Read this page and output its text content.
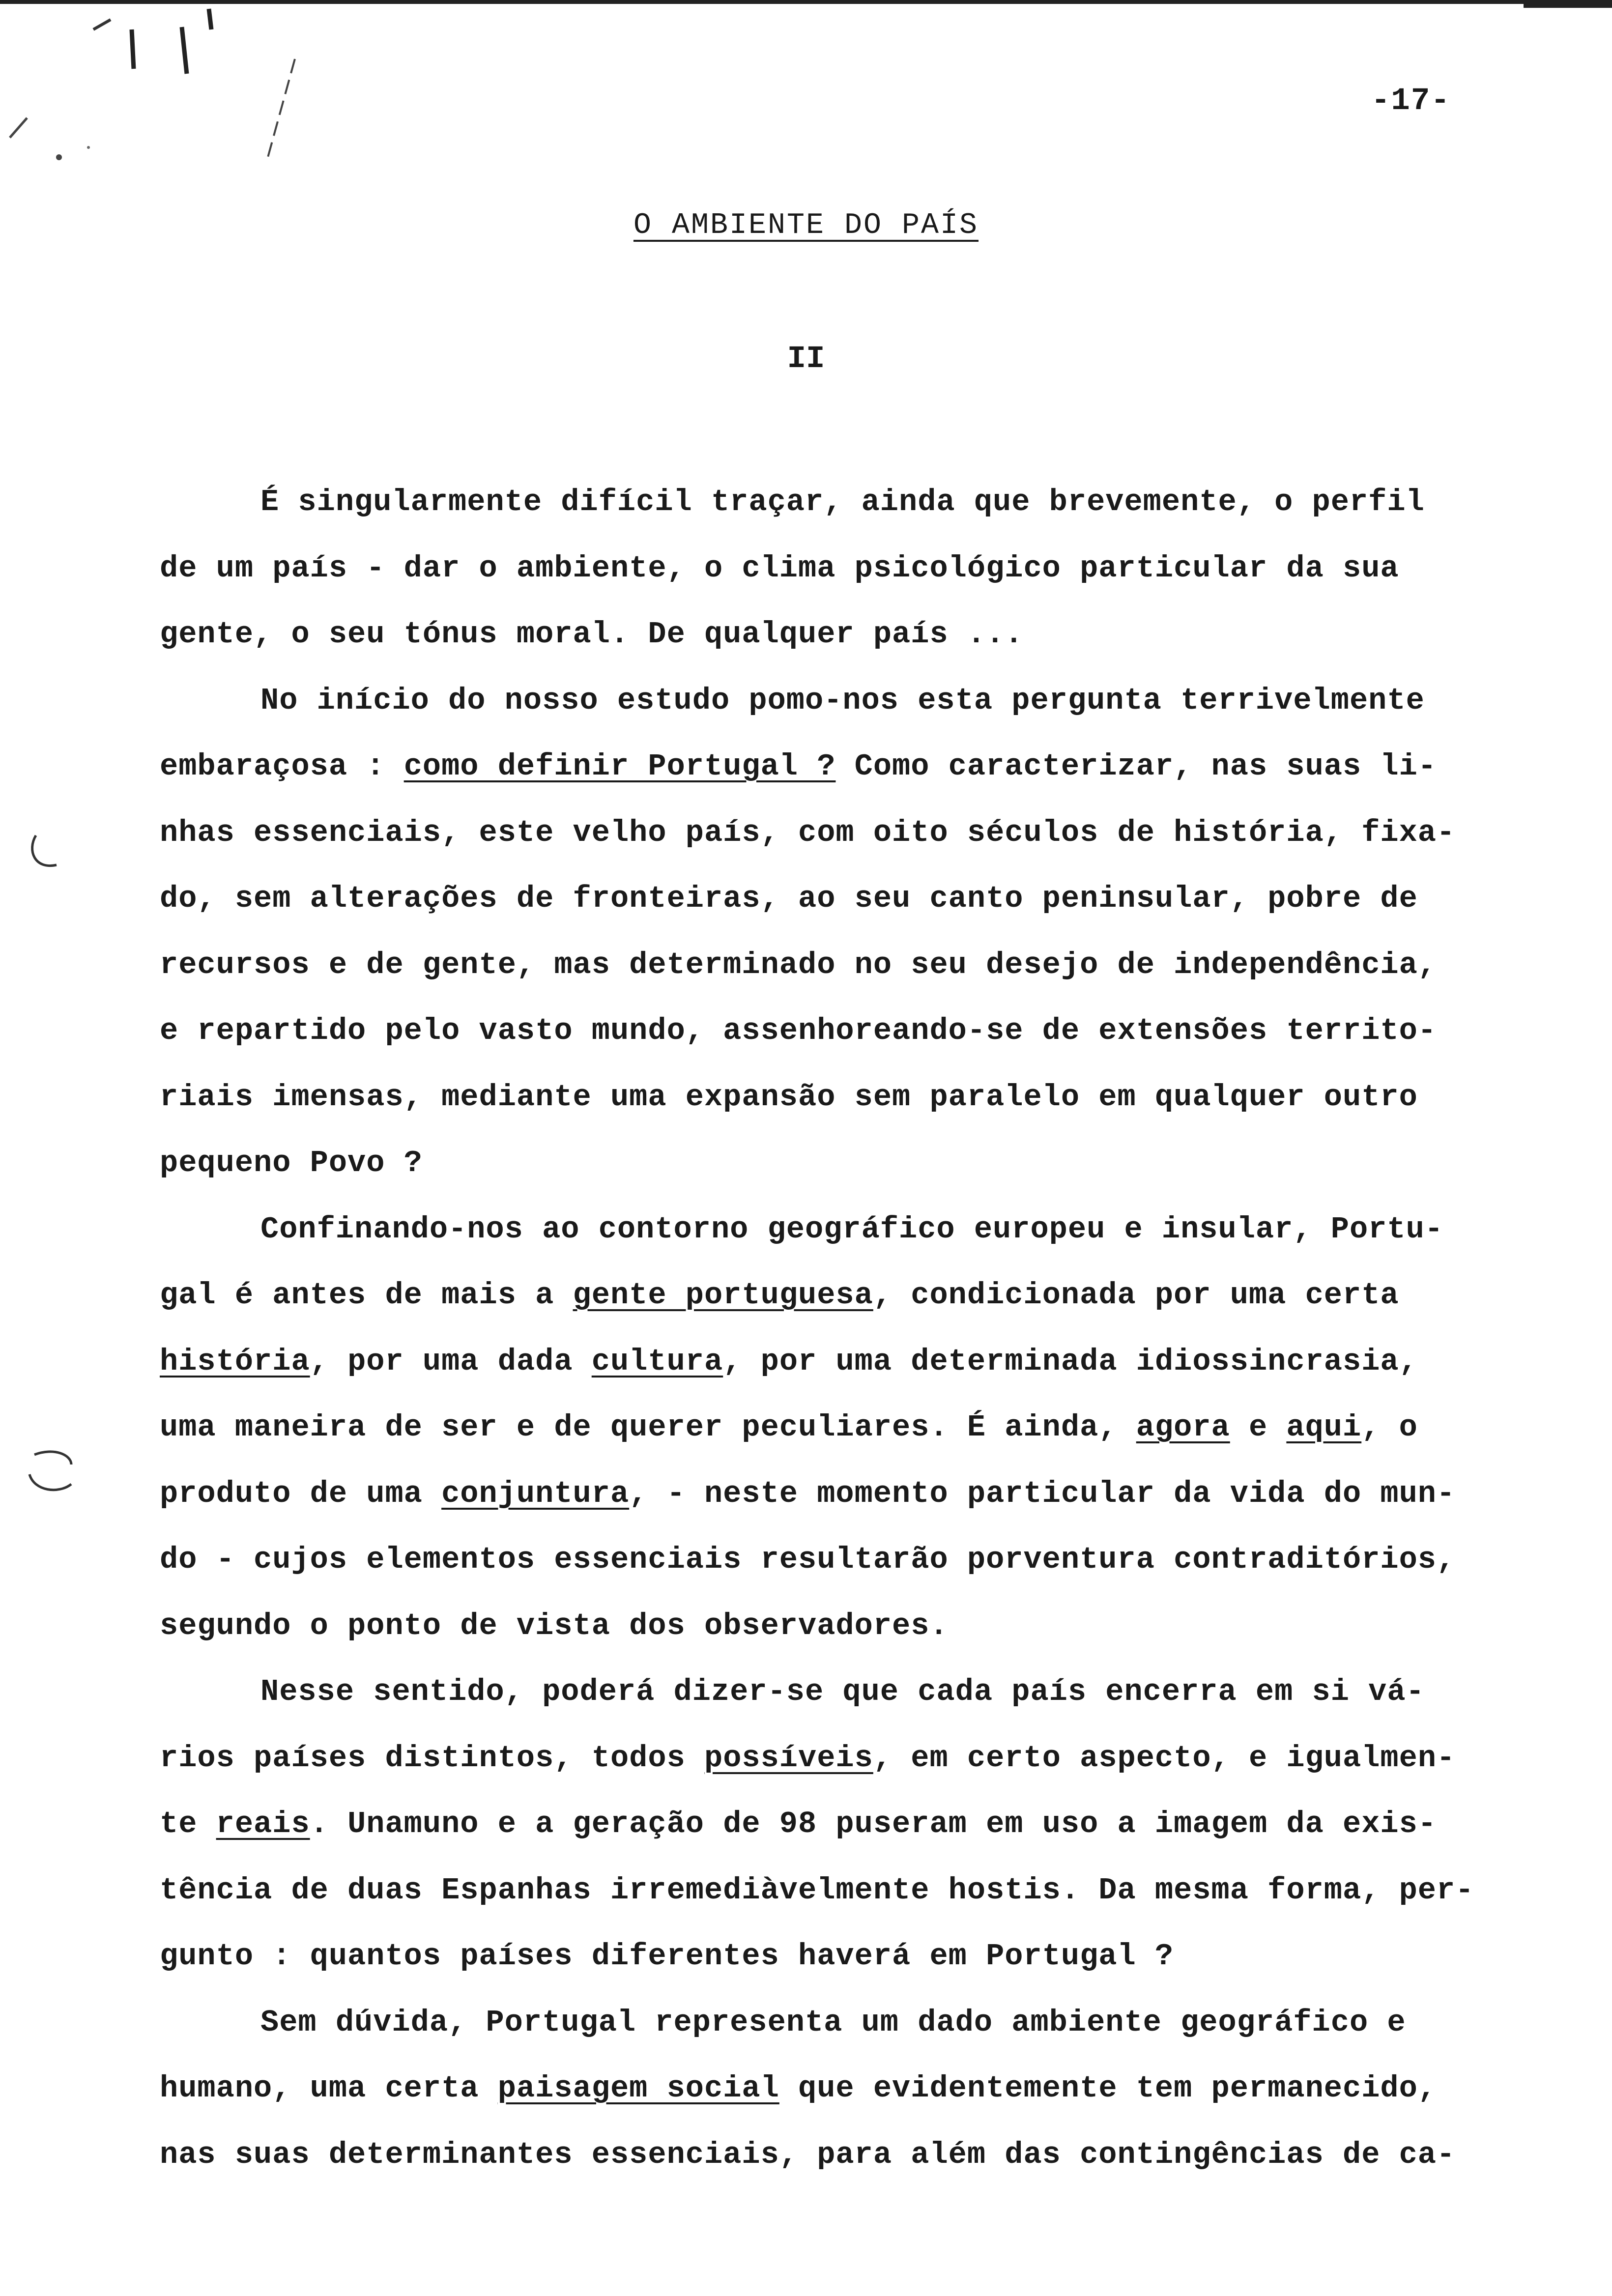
-17-
O AMBIENTE DO PAÍS
II
É singularmente difícil traçar, ainda que brevemente, o perfil
de um país - dar o ambiente, o clima psicológico particular da sua
gente, o seu tónus moral. De qualquer país ...
No início do nosso estudo pomo-nos esta pergunta terrivelmente
embaraçosa : como definir Portugal ? Como caracterizar, nas suas li-
nhas essenciais, este velho país, com oito séculos de história, fixa-
do, sem alterações de fronteiras, ao seu canto peninsular, pobre de
recursos e de gente, mas determinado no seu desejo de independência,
e repartido pelo vasto mundo, assenhoreando-se de extensões territo-
riais imensas, mediante uma expansão sem paralelo em qualquer outro
pequeno Povo ?
Confinando-nos ao contorno geográfico europeu e insular, Portu-
gal é antes de mais a gente portuguesa, condicionada por uma certa
história, por uma dada cultura, por uma determinada idiossincrasia,
uma maneira de ser e de querer peculiares. É ainda, agora e aqui, o
produto de uma conjuntura, - neste momento particular da vida do mun-
do - cujos elementos essenciais resultarão porventura contraditórios,
segundo o ponto de vista dos observadores.
Nesse sentido, poderá dizer-se que cada país encerra em si vá-
rios países distintos, todos possíveis, em certo aspecto, e igualmen-
te reais. Unamuno e a geração de 98 puseram em uso a imagem da exis-
tência de duas Espanhas irremediàvelmente hostis. Da mesma forma, per-
gunto : quantos países diferentes haverá em Portugal ?
Sem dúvida, Portugal representa um dado ambiente geográfico e
humano, uma certa paisagem social que evidentemente tem permanecido,
nas suas determinantes essenciais, para além das contingências de ca-
